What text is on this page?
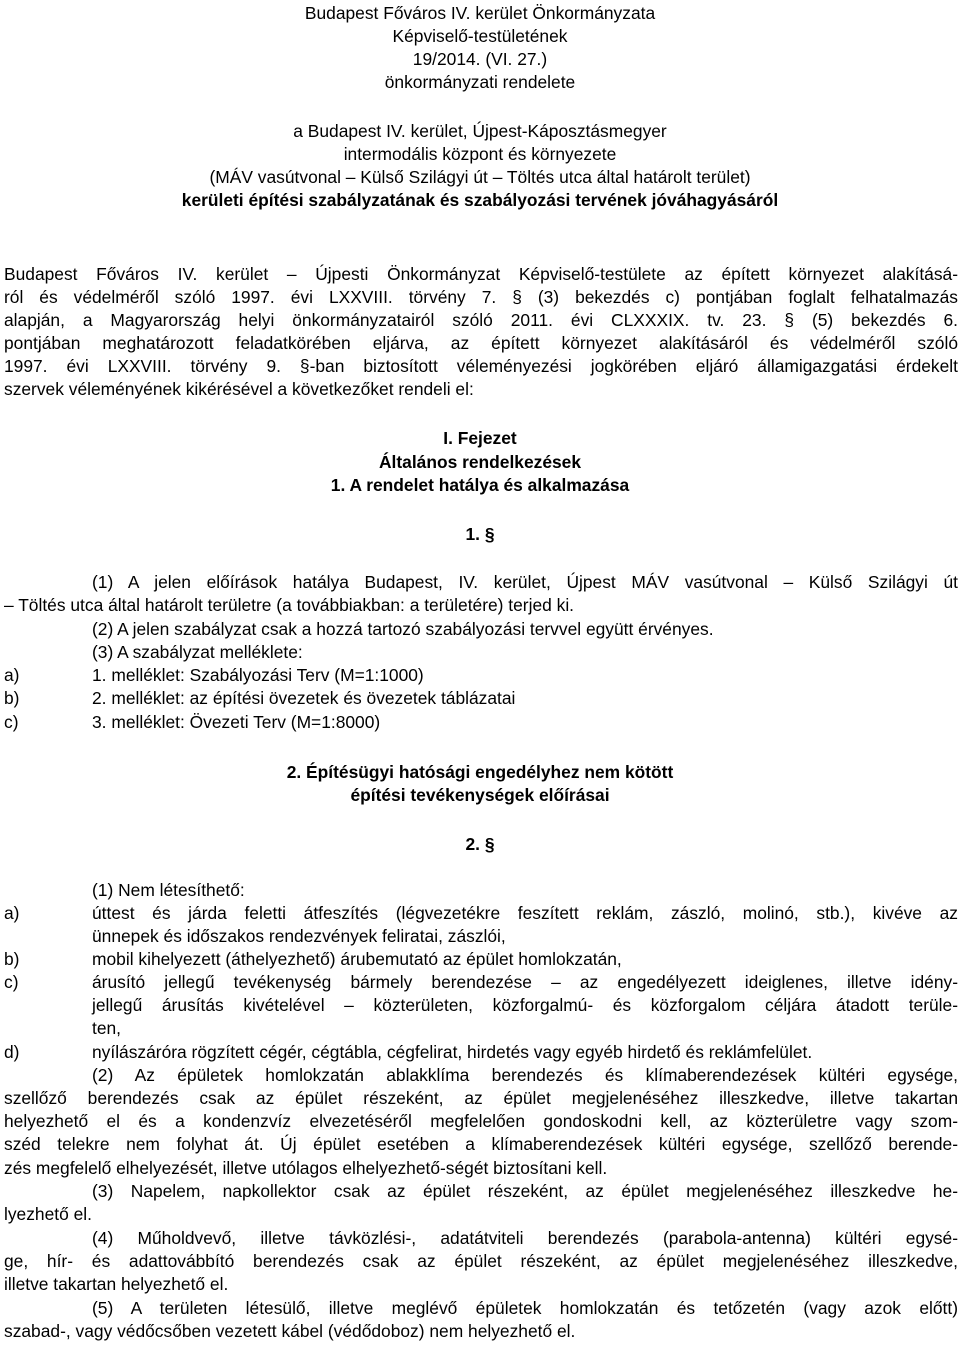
Budapest Főváros IV. kerület Önkormányzata

Képviselő-testületének

19/2014. (VI. 27.)

önkormányzati rendelete

a Budapest IV. kerület, Újpest-Káposztásmegyer

intermodális központ és környezete

(MÁV vasútvonal – Külső Szilágyi út – Töltés utca által határolt terület)

kerületi építési szabályzatának és szabályozási tervének jóváhagyásáról

Budapest Főváros IV. kerület – Újpesti Önkormányzat Képviselő-testülete az épített környezet alakításá-

ról és védelméről szóló 1997. évi LXXVIII. törvény 7. § (3) bekezdés c) pontjában foglalt felhatalmazás

alapján, a Magyarország helyi önkormányzatairól szóló 2011. évi CLXXXIX. tv. 23. § (5) bekezdés 6.

pontjában meghatározott feladatkörében eljárva, az épített környezet alakításáról és védelméről szóló

1997. évi LXXVIII. törvény 9. §-ban biztosított véleményezési jogkörében eljáró államigazgatási érdekelt

szervek véleményének kikérésével a következőket rendeli el:

I. Fejezet

Általános rendelkezések

1. A rendelet hatálya és alkalmazása

1. §

(1) A jelen előírások hatálya Budapest, IV. kerület, Újpest MÁV vasútvonal – Külső Szilágyi út

– Töltés utca által határolt területre (a továbbiakban: a területére) terjed ki.

(2) A jelen szabályzat csak a hozzá tartozó szabályozási tervvel együtt érvényes.

(3) A szabályzat melléklete:

a)	1. melléklet: Szabályozási Terv (M=1:1000)

b)	2. melléklet: az építési övezetek és övezetek táblázatai

c)	3. melléklet: Övezeti Terv (M=1:8000)

2. Építésügyi hatósági engedélyhez nem kötött

építési tevékenységek előírásai

2. §

(1) Nem létesíthető:

a)	úttest és járda feletti átfeszítés (légvezetékre feszített reklám, zászló, molinó, stb.), kivéve az

ünnepek és időszakos rendezvények feliratai, zászlói,

b)	mobil kihelyezett (áthelyezhető) árubemutató az épület homlokzatán,

c)	árusító jellegű tevékenység bármely berendezése – az engedélyezett ideiglenes, illetve idény-

jellegű árusítás kivételével – közterületen, közforgalmú- és közforgalom céljára átadott terüle-

ten,

d)	nyílászáróra rögzített cégér, cégtábla, cégfelirat, hirdetés vagy egyéb hirdető és reklámfelület.

(2) Az épületek homlokzatán ablakklíma berendezés és klímaberendezések kültéri egysége,

szellőző berendezés csak az épület részeként, az épület megjelenéséhez illeszkedve, illetve takartan

helyezhető el és a kondenzvíz elvezetéséről megfelelően gondoskodni kell, az közterületre vagy szom-

széd telekre nem folyhat át. Új épület esetében a klímaberendezések kültéri egysége, szellőző berende-

zés megfelelő elhelyezését, illetve utólagos elhelyezhető-ségét biztosítani kell.

(3) Napelem, napkollektor csak az épület részeként, az épület megjelenéséhez illeszkedve he-

lyezhető el.

(4) Műholdvevő, illetve távközlési-, adatátviteli berendezés (parabola-antenna) kültéri egysé-

ge, hír- és adattovábbító berendezés csak az épület részeként, az épület megjelenéséhez illeszkedve,

illetve takartan helyezhető el.

(5) A területen létesülő, illetve meglévő épületek homlokzatán és tetőzetén (vagy azok előtt)

szabad-, vagy védőcsőben vezetett kábel (védődoboz) nem helyezhető el.
